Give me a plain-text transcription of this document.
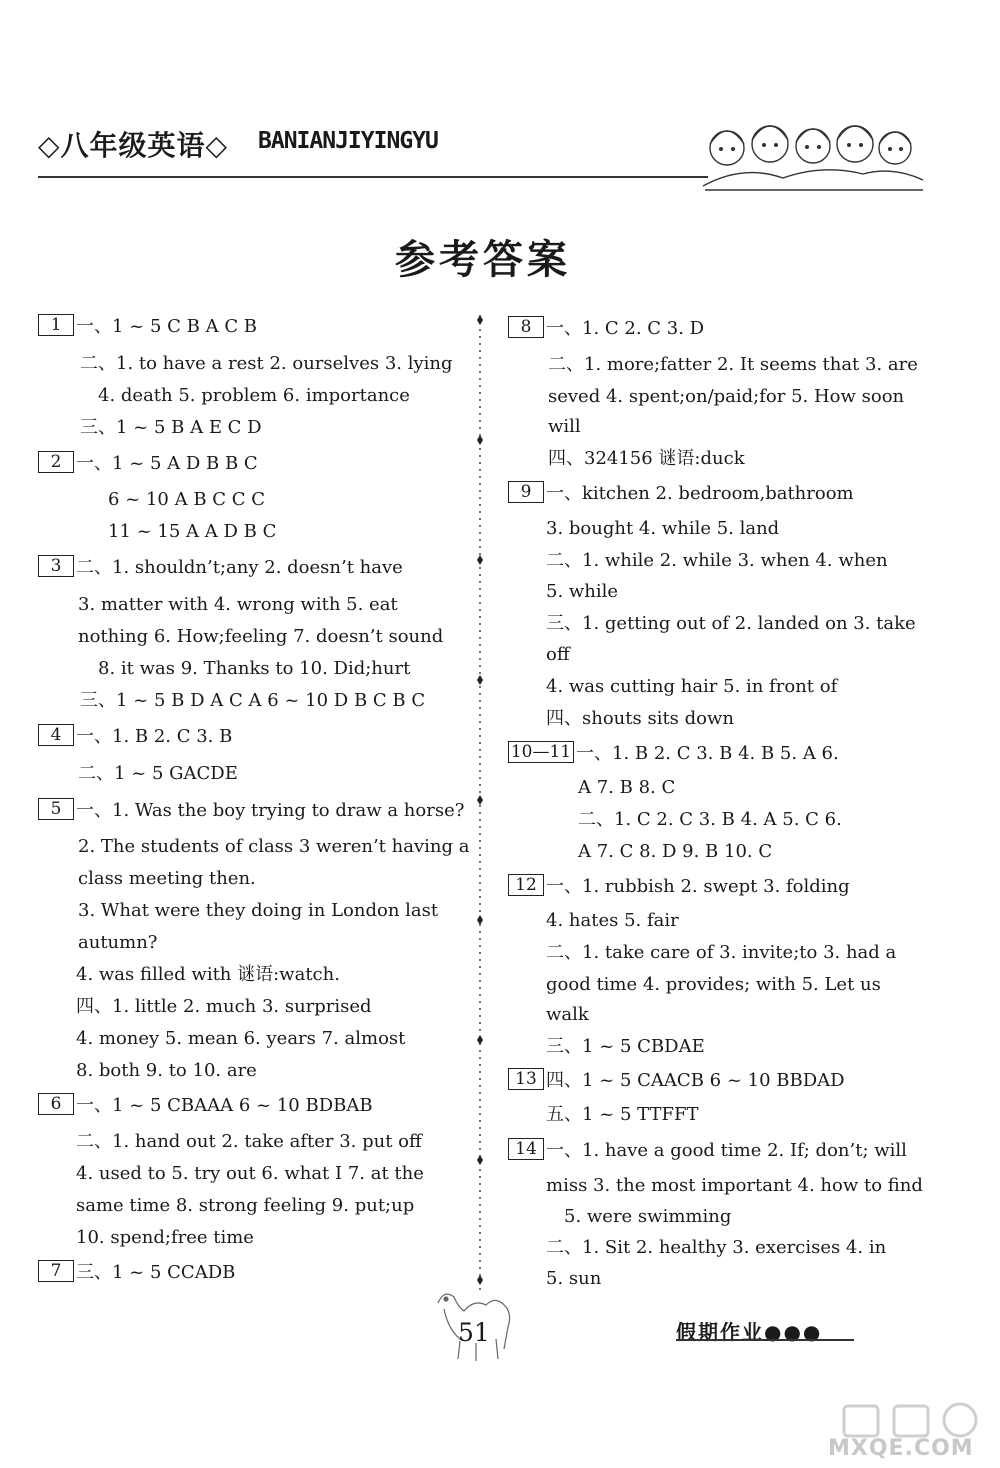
◇八年级英语◇ BANIANJIYINGYU
参考答案
1 一、1 ~ 5 C B A C B
二、1. to have a rest 2. ourselves 3. lying
4. death 5. problem 6. importance
三、1 ~ 5 B A E C D
2 一、1 ~ 5 A D B B C
6 ~ 10 A B C C C
11 ~ 15 A A D B C
3 二、1. shouldn’t;any 2. doesn’t have
3. matter with 4. wrong with 5. eat
nothing 6. How;feeling 7. doesn’t sound
8. it was 9. Thanks to 10. Did;hurt
三、1 ~ 5 B D A C A 6 ~ 10 D B C B C
4 一、1. B 2. C 3. B
二、1 ~ 5 GACDE
5 一、1. Was the boy trying to draw a horse?
2. The students of class 3 weren’t having a
class meeting then.
3. What were they doing in London last
autumn?
4. was filled with 谜语:watch.
四、1. little 2. much 3. surprised
4. money 5. mean 6. years 7. almost
8. both 9. to 10. are
6 一、1 ~ 5 CBAAA 6 ~ 10 BDBAB
二、1. hand out 2. take after 3. put off
4. used to 5. try out 6. what I 7. at the
same time 8. strong feeling 9. put;up
10. spend;free time
7 三、1 ~ 5 CCADB
8 一、1. C 2. C 3. D
二、1. more;fatter 2. It seems that 3. are
seved 4. spent;on/paid;for 5. How soon
will
四、324156 谜语:duck
9 一、kitchen 2. bedroom,bathroom
3. bought 4. while 5. land
二、1. while 2. while 3. when 4. when
5. while
三、1. getting out of 2. landed on 3. take
off
4. was cutting hair 5. in front of
四、shouts sits down
10—11 一、1. B 2. C 3. B 4. B 5. A 6.
A 7. B 8. C
二、1. C 2. C 3. B 4. A 5. C 6.
A 7. C 8. D 9. B 10. C
12 一、1. rubbish 2. swept 3. folding
4. hates 5. fair
二、1. take care of 3. invite;to 3. had a
good time 4. provides; with 5. Let us
walk
三、1 ~ 5 CBDAE
13 四、1 ~ 5 CAACB 6 ~ 10 BBDAD
五、1 ~ 5 TTFFT
14 一、1. have a good time 2. If; don’t; will
miss 3. the most important 4. how to find
5. were swimming
二、1. Sit 2. healthy 3. exercises 4. in
5. sun
51	假期作业●●●
MXQE.COM
